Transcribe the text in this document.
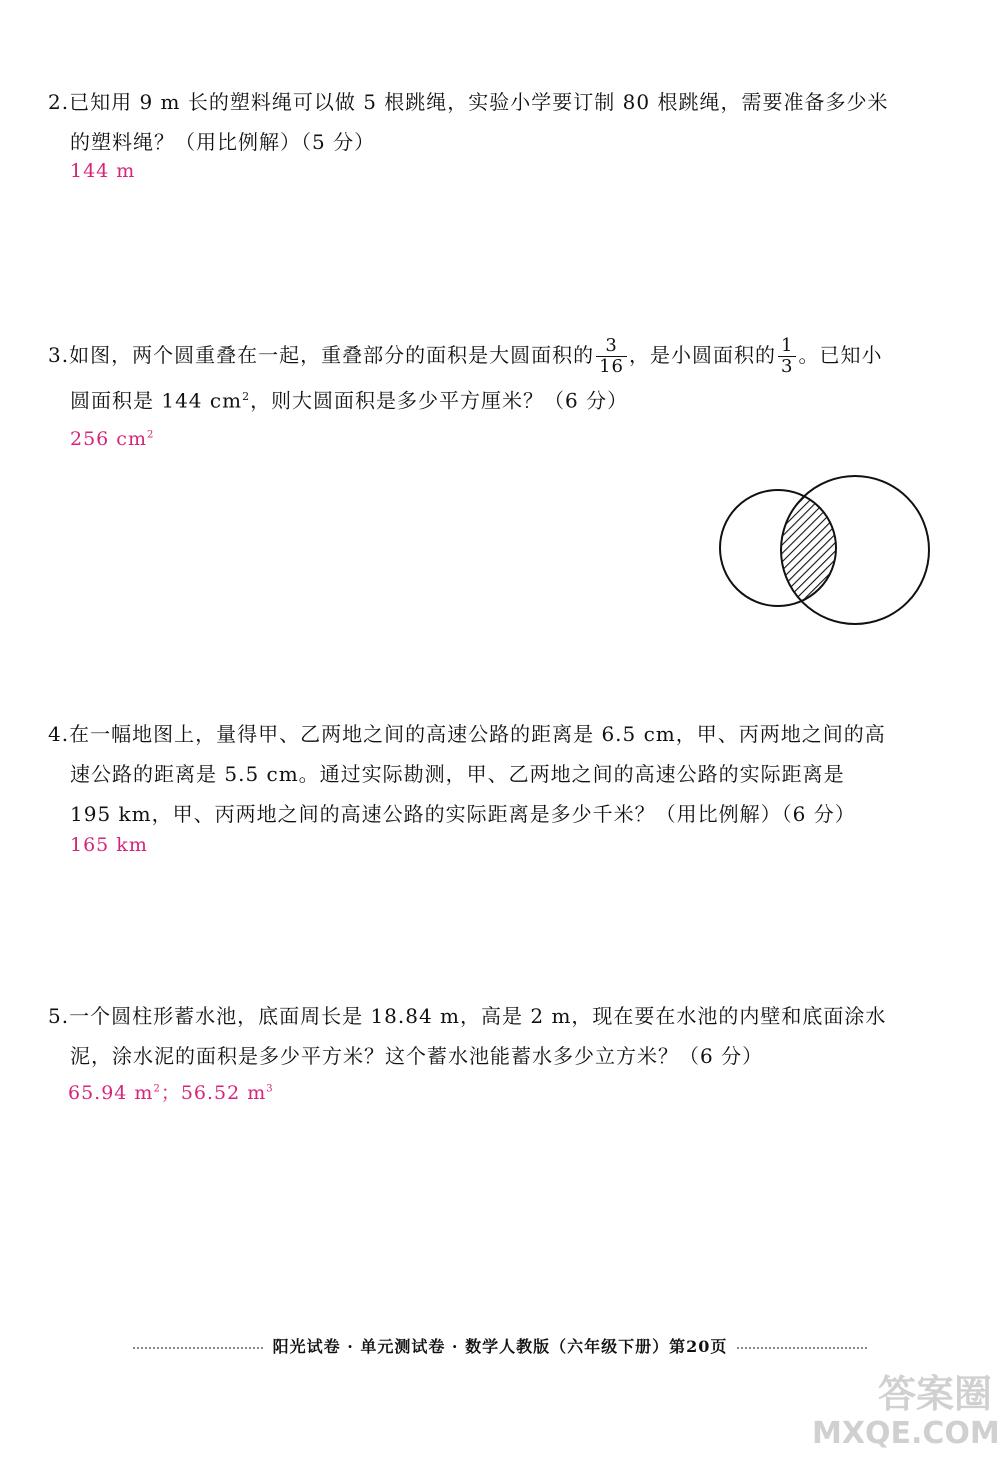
2.已知用 9 m 长的塑料绳可以做 5 根跳绳，实验小学要订制 80 根跳绳，需要准备多少米
的塑料绳？（用比例解）（5 分）
144 m
3.如图，两个圆重叠在一起，重叠部分的面积是大圆面积的 $\frac{3}{16}$ ，是小圆面积的 $\frac{1}{3}$ 。已知小
圆面积是 144 $cm^2$，则大圆面积是多少平方厘米？（6 分）
256 $cm^2$
4.在一幅地图上，量得甲、乙两地之间的高速公路的距离是 6.5 cm，甲、丙两地之间的高
速公路的距离是 5.5 cm。通过实际勘测，甲、乙两地之间的高速公路的实际距离是
195 km，甲、丙两地之间的高速公路的实际距离是多少千米？（用比例解）（6 分）
165 km
5.一个圆柱形蓄水池，底面周长是 18.84 m，高是 2 m，现在要在水池的内壁和底面涂水
泥，涂水泥的面积是多少平方米？这个蓄水池能蓄水多少立方米？（6 分）
65.94 $m^2$；56.52 $m^3$
阳光试卷 · 单元测试卷 · 数学人教版（六年级下册）第20页
答案圈
MXQE.COM
